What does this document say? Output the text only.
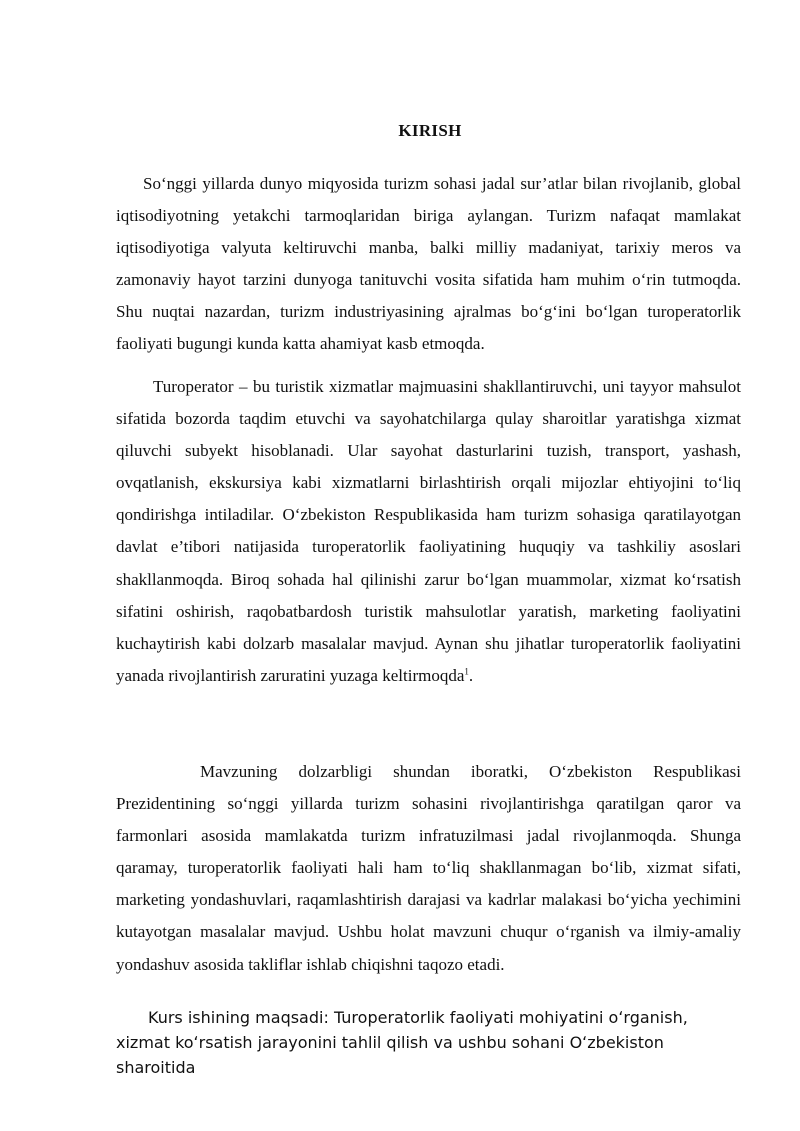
KIRISH

So‘nggi yillarda dunyo miqyosida turizm sohasi jadal sur’atlar bilan rivojlanib, global iqtisodiyotning yetakchi tarmoqlaridan biriga aylangan. Turizm nafaqat mamlakat iqtisodiyotiga valyuta keltiruvchi manba, balki milliy madaniyat, tarixiy meros va zamonaviy hayot tarzini dunyoga tanituvchi vosita sifatida ham muhim o‘rin tutmoqda. Shu nuqtai nazardan, turizm industriyasining ajralmas bo‘g‘ini bo‘lgan turoperatorlik faoliyati bugungi kunda katta ahamiyat kasb etmoqda.

Turoperator – bu turistik xizmatlar majmuasini shakllantiruvchi, uni tayyor mahsulot sifatida bozorda taqdim etuvchi va sayohatchilarga qulay sharoitlar yaratishga xizmat qiluvchi subyekt hisoblanadi. Ular sayohat dasturlarini tuzish, transport, yashash, ovqatlanish, ekskursiya kabi xizmatlarni birlashtirish orqali mijozlar ehtiyojini to‘liq qondirishga intiladilar. O‘zbekiston Respublikasida ham turizm sohasiga qaratilayotgan davlat e’tibori natijasida turoperatorlik faoliyatining huquqiy va tashkiliy asoslari shakllanmoqda. Biroq sohada hal qilinishi zarur bo‘lgan muammolar, xizmat ko‘rsatish sifatini oshirish, raqobatbardosh turistik mahsulotlar yaratish, marketing faoliyatini kuchaytirish kabi dolzarb masalalar mavjud. Aynan shu jihatlar turoperatorlik faoliyatini yanada rivojlantirish zaruratini yuzaga keltirmoqda$^1$.

Mavzuning dolzarbligi shundan iboratki, O‘zbekiston Respublikasi Prezidentining so‘nggi yillarda turizm sohasini rivojlantirishga qaratilgan qaror va farmonlari asosida mamlakatda turizm infratuzilmasi jadal rivojlanmoqda. Shunga qaramay, turoperatorlik faoliyati hali ham to‘liq shakllanmagan bo‘lib, xizmat sifati, marketing yondashuvlari, raqamlashtirish darajasi va kadrlar malakasi bo‘yicha yechimini kutayotgan masalalar mavjud. Ushbu holat mavzuni chuqur o‘rganish va ilmiy-amaliy yondashuv asosida takliflar ishlab chiqishni taqozo etadi.

Kurs ishining maqsadi: Turoperatorlik faoliyati mohiyatini oʻrganish, xizmat koʻrsatish jarayonini tahlil qilish va ushbu sohani Oʻzbekiston sharoitida
